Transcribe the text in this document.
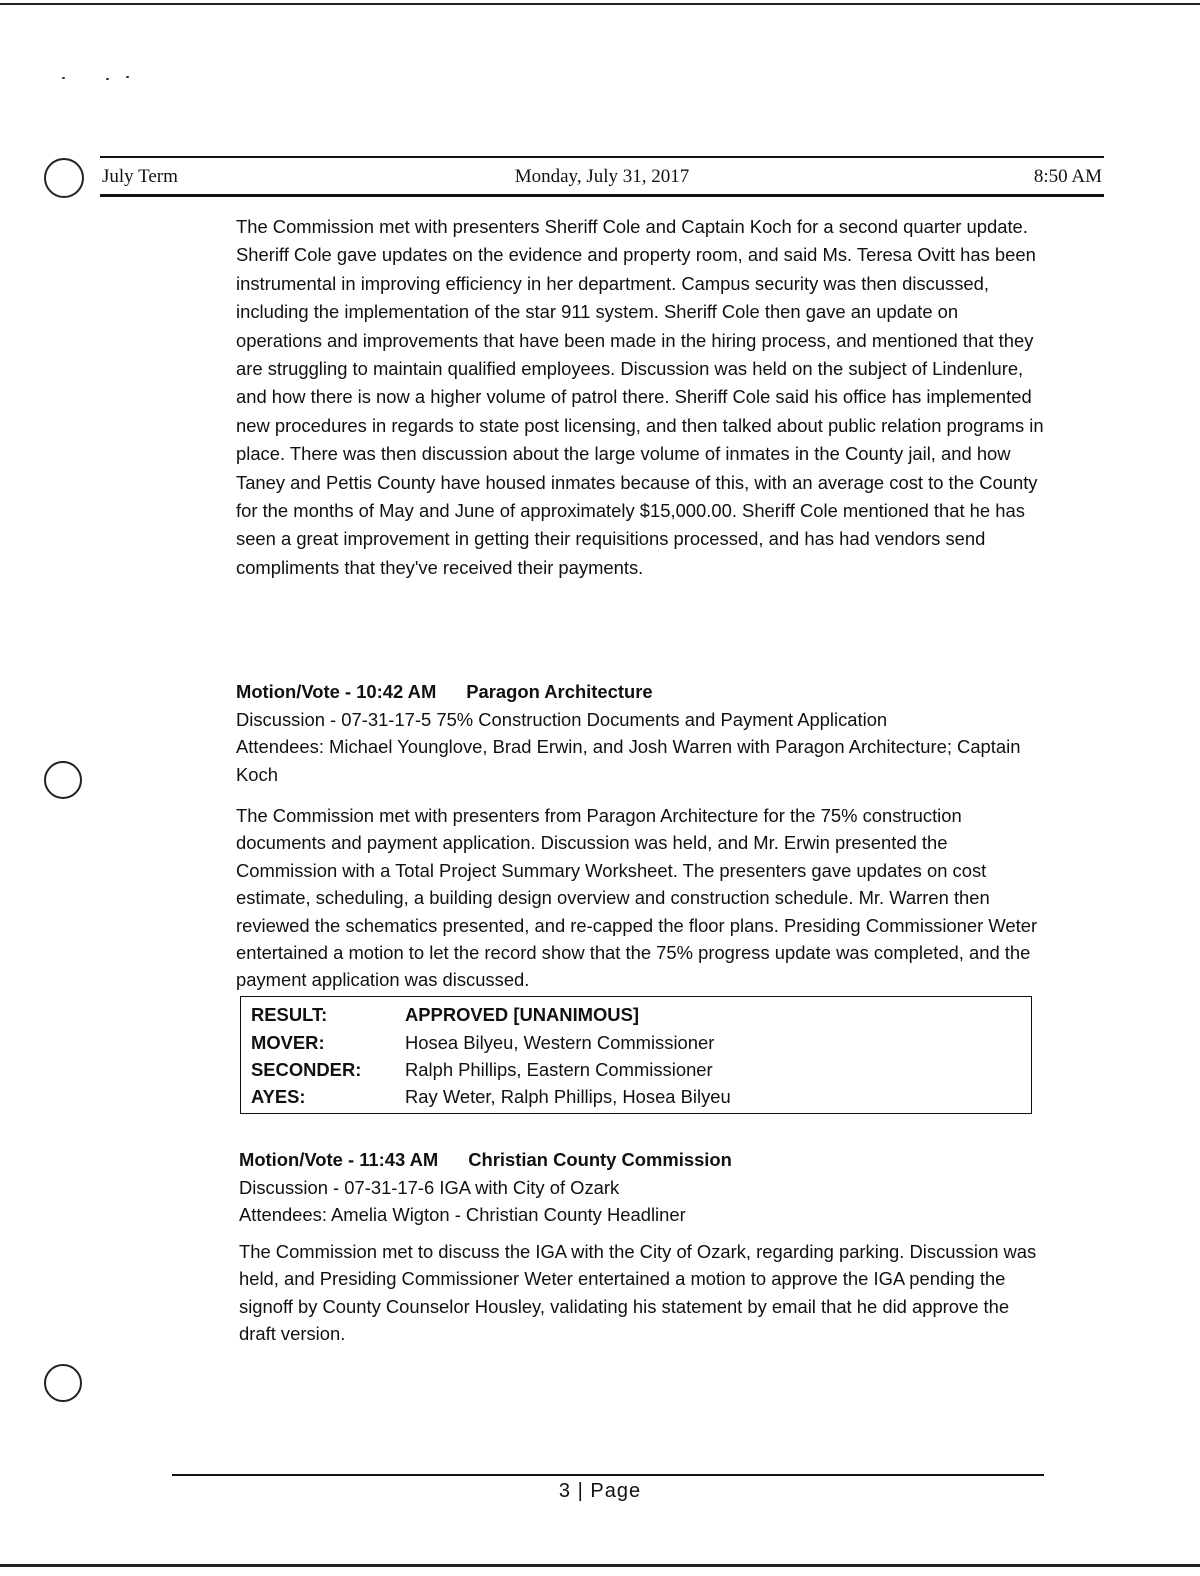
July Term	Monday, July 31, 2017	8:50 AM

The Commission met with presenters Sheriff Cole and Captain Koch for a second quarter update. Sheriff Cole gave updates on the evidence and property room, and said Ms. Teresa Ovitt has been instrumental in improving efficiency in her department. Campus security was then discussed, including the implementation of the star 911 system. Sheriff Cole then gave an update on operations and improvements that have been made in the hiring process, and mentioned that they are struggling to maintain qualified employees. Discussion was held on the subject of Lindenlure, and how there is now a higher volume of patrol there. Sheriff Cole said his office has implemented new procedures in regards to state post licensing, and then talked about public relation programs in place. There was then discussion about the large volume of inmates in the County jail, and how Taney and Pettis County have housed inmates because of this, with an average cost to the County for the months of May and June of approximately $15,000.00. Sheriff Cole mentioned that he has seen a great improvement in getting their requisitions processed, and has had vendors send compliments that they've received their payments.

Motion/Vote - 10:42 AM Paragon Architecture
Discussion - 07-31-17-5 75% Construction Documents and Payment Application
Attendees: Michael Younglove, Brad Erwin, and Josh Warren with Paragon Architecture; Captain Koch

The Commission met with presenters from Paragon Architecture for the 75% construction documents and payment application. Discussion was held, and Mr. Erwin presented the Commission with a Total Project Summary Worksheet. The presenters gave updates on cost estimate, scheduling, a building design overview and construction schedule. Mr. Warren then reviewed the schematics presented, and re-capped the floor plans. Presiding Commissioner Weter entertained a motion to let the record show that the 75% progress update was completed, and the payment application was discussed.

RESULT:	APPROVED [UNANIMOUS]
MOVER:	Hosea Bilyeu, Western Commissioner
SECONDER: Ralph Phillips, Eastern Commissioner
AYES:	Ray Weter, Ralph Phillips, Hosea Bilyeu
Motion/Vote - 11:43 AM Christian County Commission
Discussion - 07-31-17-6 IGA with City of Ozark
Attendees: Amelia Wigton - Christian County Headliner

The Commission met to discuss the IGA with the City of Ozark, regarding parking. Discussion was held, and Presiding Commissioner Weter entertained a motion to approve the IGA pending the signoff by County Counselor Housley, validating his statement by email that he did approve the draft version.

3 | Page
